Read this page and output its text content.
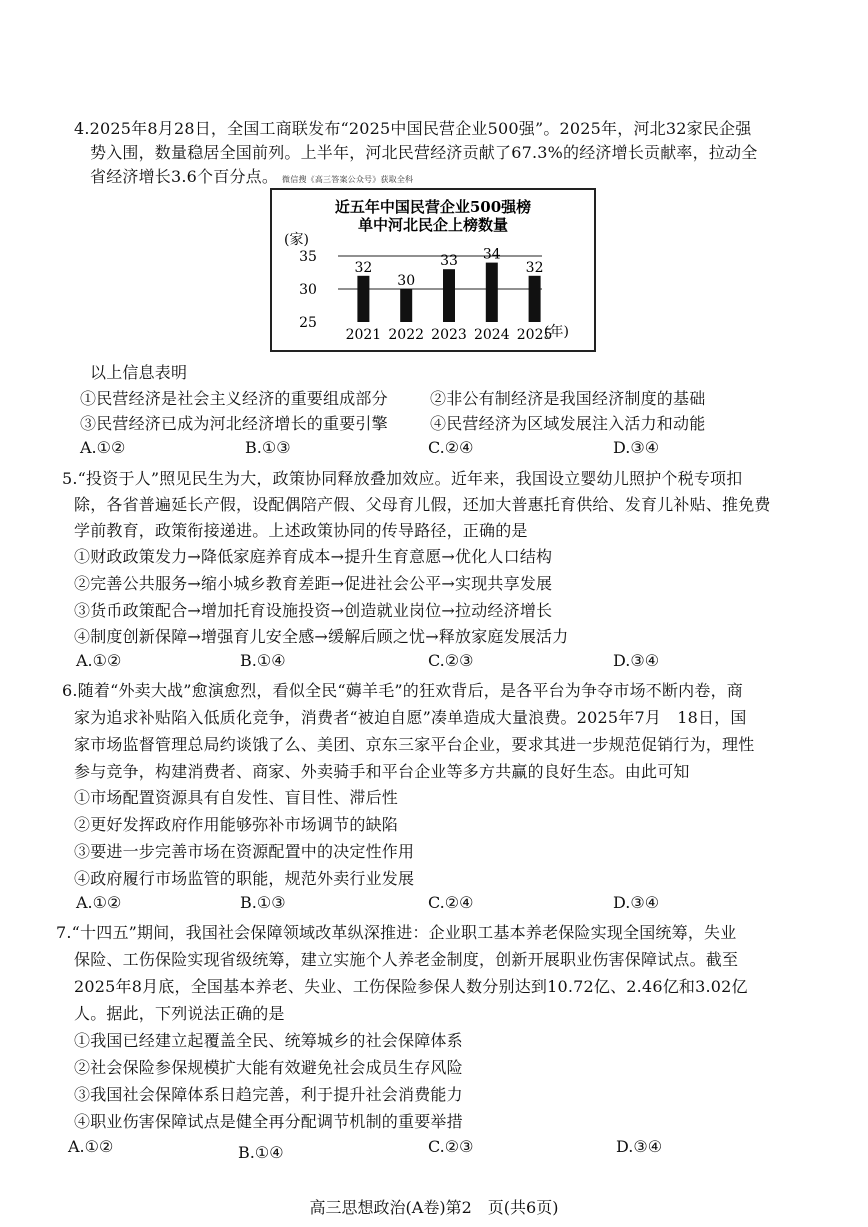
4.2025年8月28日，全国工商联发布“2025中国民营企业500强”。2025年，河北32家民企强
势入围，数量稳居全国前列。上半年，河北民营经济贡献了67.3%的经济增长贡献率，拉动全
省经济增长3.6个百分点。 微信搜《高三答案公众号》获取全科
近五年中国民营企业500强榜
单中河北民企上榜数量
(家)
35
30
25
32
2021
30
2022
33
2023
34
2024
32
2025
(年)
以上信息表明
①民营经济是社会主义经济的重要组成部分	②非公有制经济是我国经济制度的基础
③民营经济已成为河北经济增长的重要引擎	④民营经济为区域发展注入活力和动能
A.①②	B.①③	C.②④	D.③④
5.“投资于人”照见民生为大，政策协同释放叠加效应。近年来，我国设立婴幼儿照护个税专项扣
除，各省普遍延长产假，设配偶陪产假、父母育儿假，还加大普惠托育供给、发育儿补贴、推免费
学前教育，政策衔接递进。上述政策协同的传导路径，正确的是
①财政政策发力→降低家庭养育成本→提升生育意愿→优化人口结构
②完善公共服务→缩小城乡教育差距→促进社会公平→实现共享发展
③货币政策配合→增加托育设施投资→创造就业岗位→拉动经济增长
④制度创新保障→增强育儿安全感→缓解后顾之忧→释放家庭发展活力
A.①②	B.①④	C.②③	D.③④
6.随着“外卖大战”愈演愈烈，看似全民“薅羊毛”的狂欢背后，是各平台为争夺市场不断内卷，商
家为追求补贴陷入低质化竞争，消费者“被迫自愿”凑单造成大量浪费。2025年7月　18日，国
家市场监督管理总局约谈饿了么、美团、京东三家平台企业，要求其进一步规范促销行为，理性
参与竞争，构建消费者、商家、外卖骑手和平台企业等多方共赢的良好生态。由此可知
①市场配置资源具有自发性、盲目性、滞后性
②更好发挥政府作用能够弥补市场调节的缺陷
③要进一步完善市场在资源配置中的决定性作用
④政府履行市场监管的职能，规范外卖行业发展
A.①②	B.①③	C.②④	D.③④
7.“十四五”期间，我国社会保障领域改革纵深推进：企业职工基本养老保险实现全国统筹，失业
保险、工伤保险实现省级统筹，建立实施个人养老金制度，创新开展职业伤害保障试点。截至
2025年8月底，全国基本养老、失业、工伤保险参保人数分别达到10.72亿、2.46亿和3.02亿
人。据此，下列说法正确的是
①我国已经建立起覆盖全民、统筹城乡的社会保障体系
②社会保险参保规模扩大能有效避免社会成员生存风险
③我国社会保障体系日趋完善，利于提升社会消费能力
④职业伤害保障试点是健全再分配调节机制的重要举措
A.①②	B.①④	C.②③	D.③④
高三思想政治(A卷)第2　页(共6页)
